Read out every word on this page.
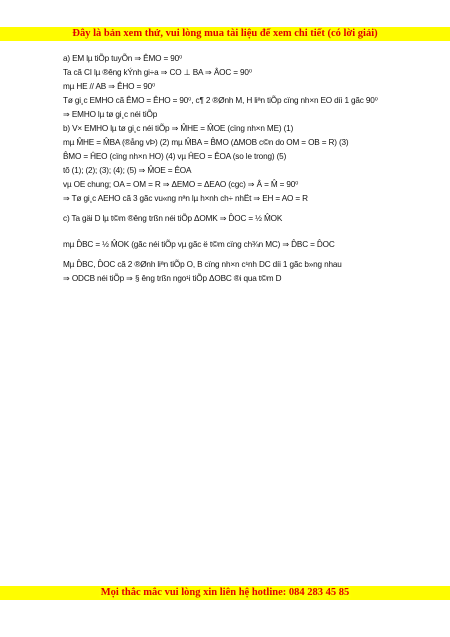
Đây là bản xem thử, vui lòng mua tài liệu để xem chi tiết (có lời giải)
a) EM lµ tiÕp tuyÕn ⇒ ÊMO = 90⁰
Ta cã CI lµ ®êng kÝnh gi÷a ⇒ CO ⊥ BA ⇒ ÂOC = 90⁰
mµ HE // AB ⇒ ÊHO = 90⁰
Tø gi¸c EMHO cã ÊMO = ÊHO = 90⁰, c¶ 2 ®Ønh M, H liªn tiÕp cïng nh×n EO díi 1 gãc 90⁰
⇒ EMHO lµ tø gi¸c néi tiÕp
b) V× EMHO lµ tø gi¸c néi tiÕp ⇒ M̂HE = M̂OE (cïng nh×n ME) (1)
mµ M̂HE = M̂BA (®ång vÞ) (2) mµ M̂BA = B̂MO (ΔMOB c©n do OM = OB = R) (3)
B̂MO = ĤEO (cïng nh×n HO) (4) vµ ĤEO = ÊOA (so le trong) (5)
tõ (1); (2); (3); (4); (5) ⇒ M̂OE = ÊOA
vµ OE chung; OA = OM = R ⇒ ΔEMO = ΔEAO (cgc) ⇒ Â = M̂ = 90⁰
⇒ Tø gi¸c AEHO cã 3 gãc vu«ng nªn lµ h×nh ch÷ nhËt ⇒ EH = AO = R
c) Ta gäi D lµ t©m ®êng trßn néi tiÕp ΔOMK ⇒ D̂OC = ½ M̂OK
mµ D̂BC = ½ M̂OK (gãc néi tiÕp vµ gãc ë t©m cïng ch¾n MC) ⇒ D̂BC = D̂OC
Mµ D̂BC, D̂OC cã 2 ®Ønh liªn tiÕp O, B cïng nh×n c¹nh DC díi 1 gãc b»ng nhau
⇒ ODCB néi tiÕp ⇒ § êng trßn ngo¹i tiÕp ΔOBC ®i qua t©m D
Mọi thắc mắc vui lòng xin liên hệ hotline: 084 283 45 85
